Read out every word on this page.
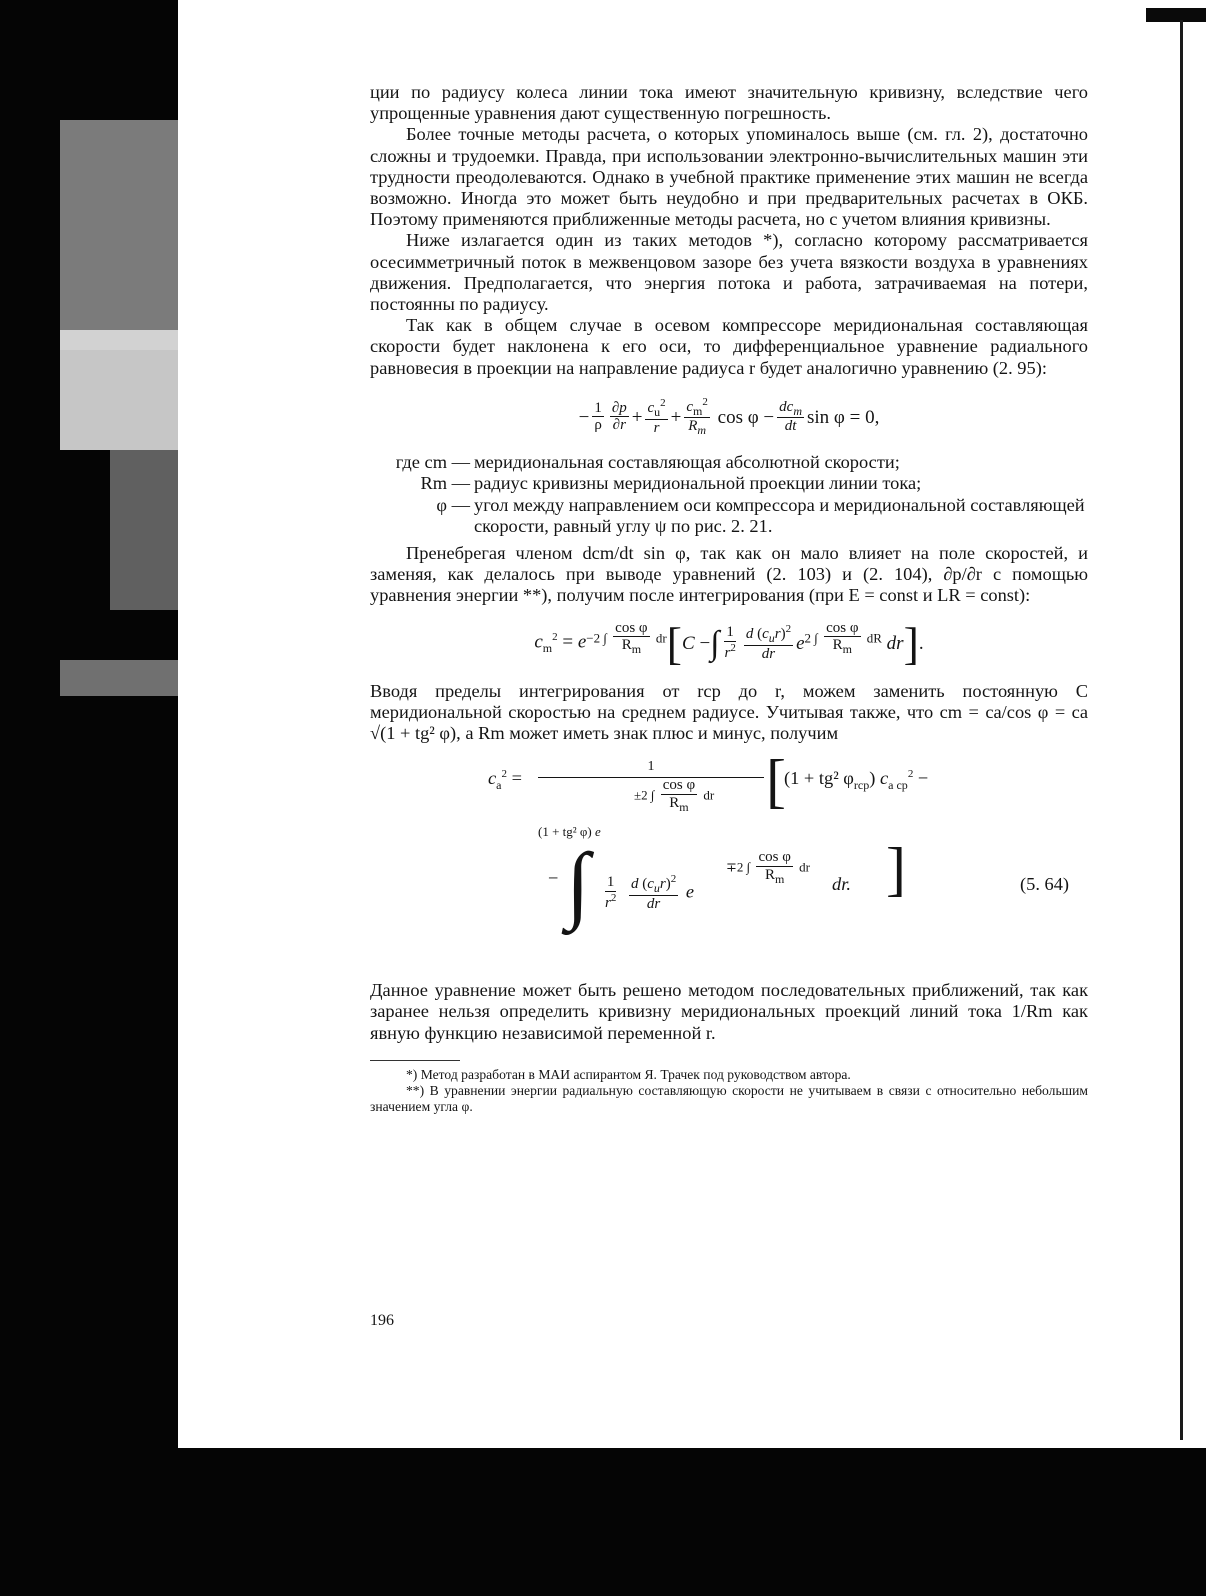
ции по радиусу колеса линии тока имеют значительную кривизну, вследствие чего упрощенные уравнения дают существенную погрешность.

Более точные методы расчета, о которых упоминалось выше (см. гл. 2), достаточно сложны и трудоемки. Правда, при использовании электронно-вычислительных машин эти трудности преодолеваются. Однако в учебной практике применение этих машин не всегда возможно. Иногда это может быть неудобно и при предварительных расчетах в ОКБ. Поэтому применяются приближенные методы расчета, но с учетом влияния кривизны.

Ниже излагается один из таких методов *), согласно которому рассматривается осесимметричный поток в межвенцовом зазоре без учета вязкости воздуха в уравнениях движения. Предполагается, что энергия потока и работа, затрачиваемая на потери, постоянны по радиусу.

Так как в общем случае в осевом компрессоре меридиональная составляющая скорости будет наклонена к его оси, то дифференциальное уравнение радиального равновесия в проекции на направление радиуса r будет аналогично уравнению (2. 95):

− $\frac{1}{\rho} \frac{\partial p}{\partial r} + \frac{c_u^2}{r} + \frac{c_m^2}{R_m}$ $\cos \varphi - \frac{dc_m}{dt}$ sin φ = 0,
где cm — меридиональная составляющая абсолютной скорости;
Rm — радиус кривизны меридиональной проекции линии тока;
φ — угол между направлением оси компрессора и меридиональной составляющей скорости, равный углу ψ по рис. 2. 21.

Пренебрегая членом dcm/dt sin φ, так как он мало влияет на поле скоростей, и заменяя, как делалось при выводе уравнений (2. 103) и (2. 104), ∂p/∂r с помощью уравнения энергии **), получим после интегрирования (при E = const и LR = const):

$c_m^2 = e -2$ ∫ $\frac{\text{cos φ}}{R_m}$ dr [ C − ∫ $\frac{1}{r^2} \frac{d (c_ur)^2}{dr}$ e 2 ∫ $\frac{\text{cos φ}}{R_m}$ dR dr ] .

Вводя пределы интегрирования от rср до r, можем заменить постоянную C меридиональной скоростью на среднем радиусе. Учитывая также, что cm = ca/cos φ = ca √(1 + tg² φ), а Rm может иметь знак плюс и минус, получим

$c_a^2$ =
1
±2 ∫ $\frac{\text{cos φ}}{R_m}$ dr
(1 + tg² φ) e
[
(1 + tg² $\varphi_{rср}$) $c_{a ср}^2$ −
− ∫ $\frac{1}{r^2}$
$\frac{d (c_ur)^2}{dr}$ e
∓2 ∫ $\frac{\text{cos φ}}{R_m}$ dr
dr. ]	(5. 64)

Данное уравнение может быть решено методом последовательных приближений, так как заранее нельзя определить кривизну меридиональных проекций линий тока 1/Rm как явную функцию независимой переменной r.

*) Метод разработан в МАИ аспирантом Я. Трачек под руководством автора.

**) В уравнении энергии радиальную составляющую скорости не учитываем в связи с относительно небольшим значением угла φ.

196
